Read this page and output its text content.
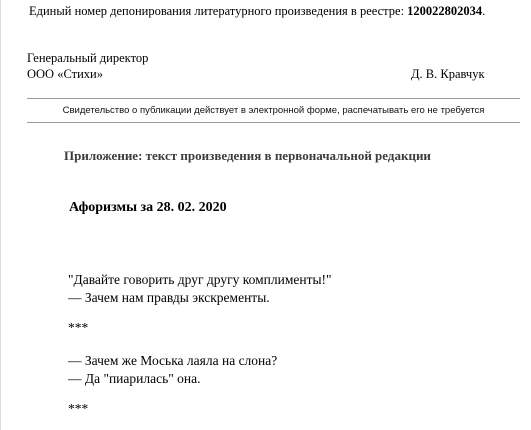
Единый номер депонирования литературного произведения в реестре: 120022802034.
Генеральный директор
ООО «Стихи»	Д. В. Кравчук
Свидетельство о публикации действует в электронной форме, распечатывать его не требуется
Приложение: текст произведения в первоначальной редакции
Афоризмы за 28. 02. 2020
"Давайте говорить друг другу комплименты!"
— Зачем нам правды экскременты.
***
— Зачем же Моська лаяла на слона?
— Да "пиарилась" она.
***
